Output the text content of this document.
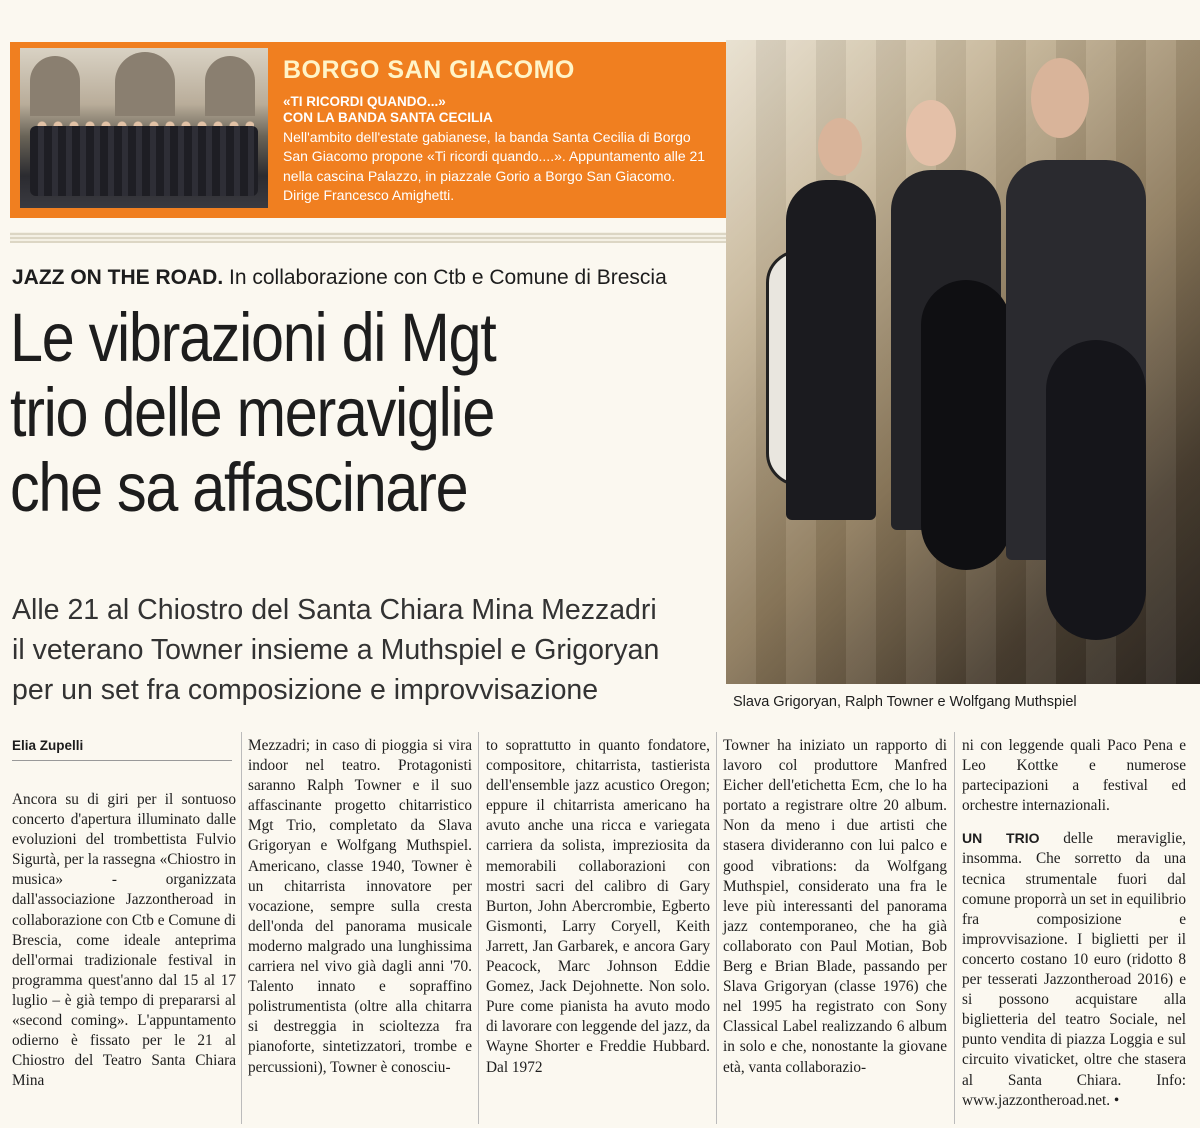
BORGO SAN GIACOMO
«TI RICORDI QUANDO...»
CON LA BANDA SANTA CECILIA
Nell'ambito dell'estate gabianese, la banda Santa Cecilia di Borgo San Giacomo propone «Ti ricordi quando....». Appuntamento alle 21 nella cascina Palazzo, in piazzale Gorio a Borgo San Giacomo. Dirige Francesco Amighetti.
Slava Grigoryan, Ralph Towner e Wolfgang Muthspiel
JAZZ ON THE ROAD. In collaborazione con Ctb e Comune di Brescia
Le vibrazioni di Mgt
trio delle meraviglie
che sa affascinare
Alle 21 al Chiostro del Santa Chiara Mina Mezzadri
il veterano Towner insieme a Muthspiel e Grigoryan
per un set fra composizione e improvvisazione
Elia Zupelli

Ancora su di giri per il sontuoso concerto d'apertura illuminato dalle evoluzioni del trombettista Fulvio Sigurtà, per la rassegna «Chiostro in musica» - organizzata dall'associazione Jazzontheroad in collaborazione con Ctb e Comune di Brescia, come ideale anteprima dell'ormai tradizionale festival in programma quest'anno dal 15 al 17 luglio – è già tempo di prepararsi al «second coming». L'appuntamento odierno è fissato per le 21 al Chiostro del Teatro Santa Chiara Mina

Mezzadri; in caso di pioggia si vira indoor nel teatro. Protagonisti saranno Ralph Towner e il suo affascinante progetto chitarristico Mgt Trio, completato da Slava Grigoryan e Wolfgang Muthspiel. Americano, classe 1940, Towner è un chitarrista innovatore per vocazione, sempre sulla cresta dell'onda del panorama musicale moderno malgrado una lunghissima carriera nel vivo già dagli anni '70. Talento innato e sopraffino polistrumentista (oltre alla chitarra si destreggia in scioltezza fra pianoforte, sintetizzatori, trombe e percussioni), Towner è conosciu-

to soprattutto in quanto fondatore, compositore, chitarrista, tastierista dell'ensemble jazz acustico Oregon; eppure il chitarrista americano ha avuto anche una ricca e variegata carriera da solista, impreziosita da memorabili collaborazioni con mostri sacri del calibro di Gary Burton, John Abercrombie, Egberto Gismonti, Larry Coryell, Keith Jarrett, Jan Garbarek, e ancora Gary Peacock, Marc Johnson Eddie Gomez, Jack Dejohnette. Non solo. Pure come pianista ha avuto modo di lavorare con leggende del jazz, da Wayne Shorter e Freddie Hubbard. Dal 1972

Towner ha iniziato un rapporto di lavoro col produttore Manfred Eicher dell'etichetta Ecm, che lo ha portato a registrare oltre 20 album. Non da meno i due artisti che stasera divideranno con lui palco e good vibrations: da Wolfgang Muthspiel, considerato una fra le leve più interessanti del panorama jazz contemporaneo, che ha già collaborato con Paul Motian, Bob Berg e Brian Blade, passando per Slava Grigoryan (classe 1976) che nel 1995 ha registrato con Sony Classical Label realizzando 6 album in solo e che, nonostante la giovane età, vanta collaborazio-

ni con leggende quali Paco Pena e Leo Kottke e numerose partecipazioni a festival ed orchestre internazionali.

UN TRIO delle meraviglie, insomma. Che sorretto da una tecnica strumentale fuori dal comune proporrà un set in equilibrio fra composizione e improvvisazione. I biglietti per il concerto costano 10 euro (ridotto 8 per tesserati Jazzontheroad 2016) e si possono acquistare alla biglietteria del teatro Sociale, nel punto vendita di piazza Loggia e sul circuito vivaticket, oltre che stasera al Santa Chiara. Info: www.jazzontheroad.net. •
